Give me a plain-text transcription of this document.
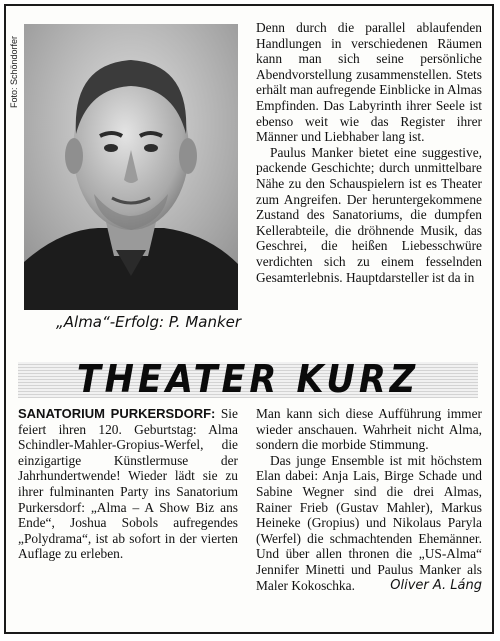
Foto: Schöndorfer
„Alma“-Erfolg: P. Manker

Denn durch die parallel ablaufenden Handlungen in verschiedenen Räumen kann man sich seine persönliche Abendvorstellung zusammenstellen. Stets erhält man aufregende Einblicke in Almas Empfinden. Das Labyrinth ihrer Seele ist ebenso weit wie das Register ihrer Männer und Liebhaber lang ist.

Paulus Manker bietet eine suggestive, packende Geschichte; durch unmittelbare Nähe zu den Schauspielern ist es Theater zum Angreifen. Der heruntergekommene Zustand des Sanatoriums, die dumpfen Kellerabteile, die dröhnende Musik, das Geschrei, die heißen Liebesschwüre verdichten sich zu einem fesselnden Gesamterlebnis. Hauptdarsteller ist da in

THEATER KURZ

SANATORIUM PURKERSDORF: Sie feiert ihren 120. Geburtstag: Alma Schindler-Mahler-Gropius-Werfel, die einzigartige Künstlermuse der Jahrhundertwende! Wieder lädt sie zu ihrer fulminanten Party ins Sanatorium Purkersdorf: „Alma – A Show Biz ans Ende“, Joshua Sobols aufregendes „Polydrama“, ist ab sofort in der vierten Auflage zu erleben.

Man kann sich diese Aufführung immer wieder anschauen. Wahrheit nicht Alma, sondern die morbide Stimmung.

Das junge Ensemble ist mit höchstem Elan dabei: Anja Lais, Birge Schade und Sabine Wegner sind die drei Almas, Rainer Frieb (Gustav Mahler), Markus Heineke (Gropius) und Nikolaus Paryla (Werfel) die schmachtenden Ehemänner. Und über allen thronen die „US-Alma“ Jennifer Minetti und Paulus Manker als Maler Kokoschka.	Oliver A. Láng
